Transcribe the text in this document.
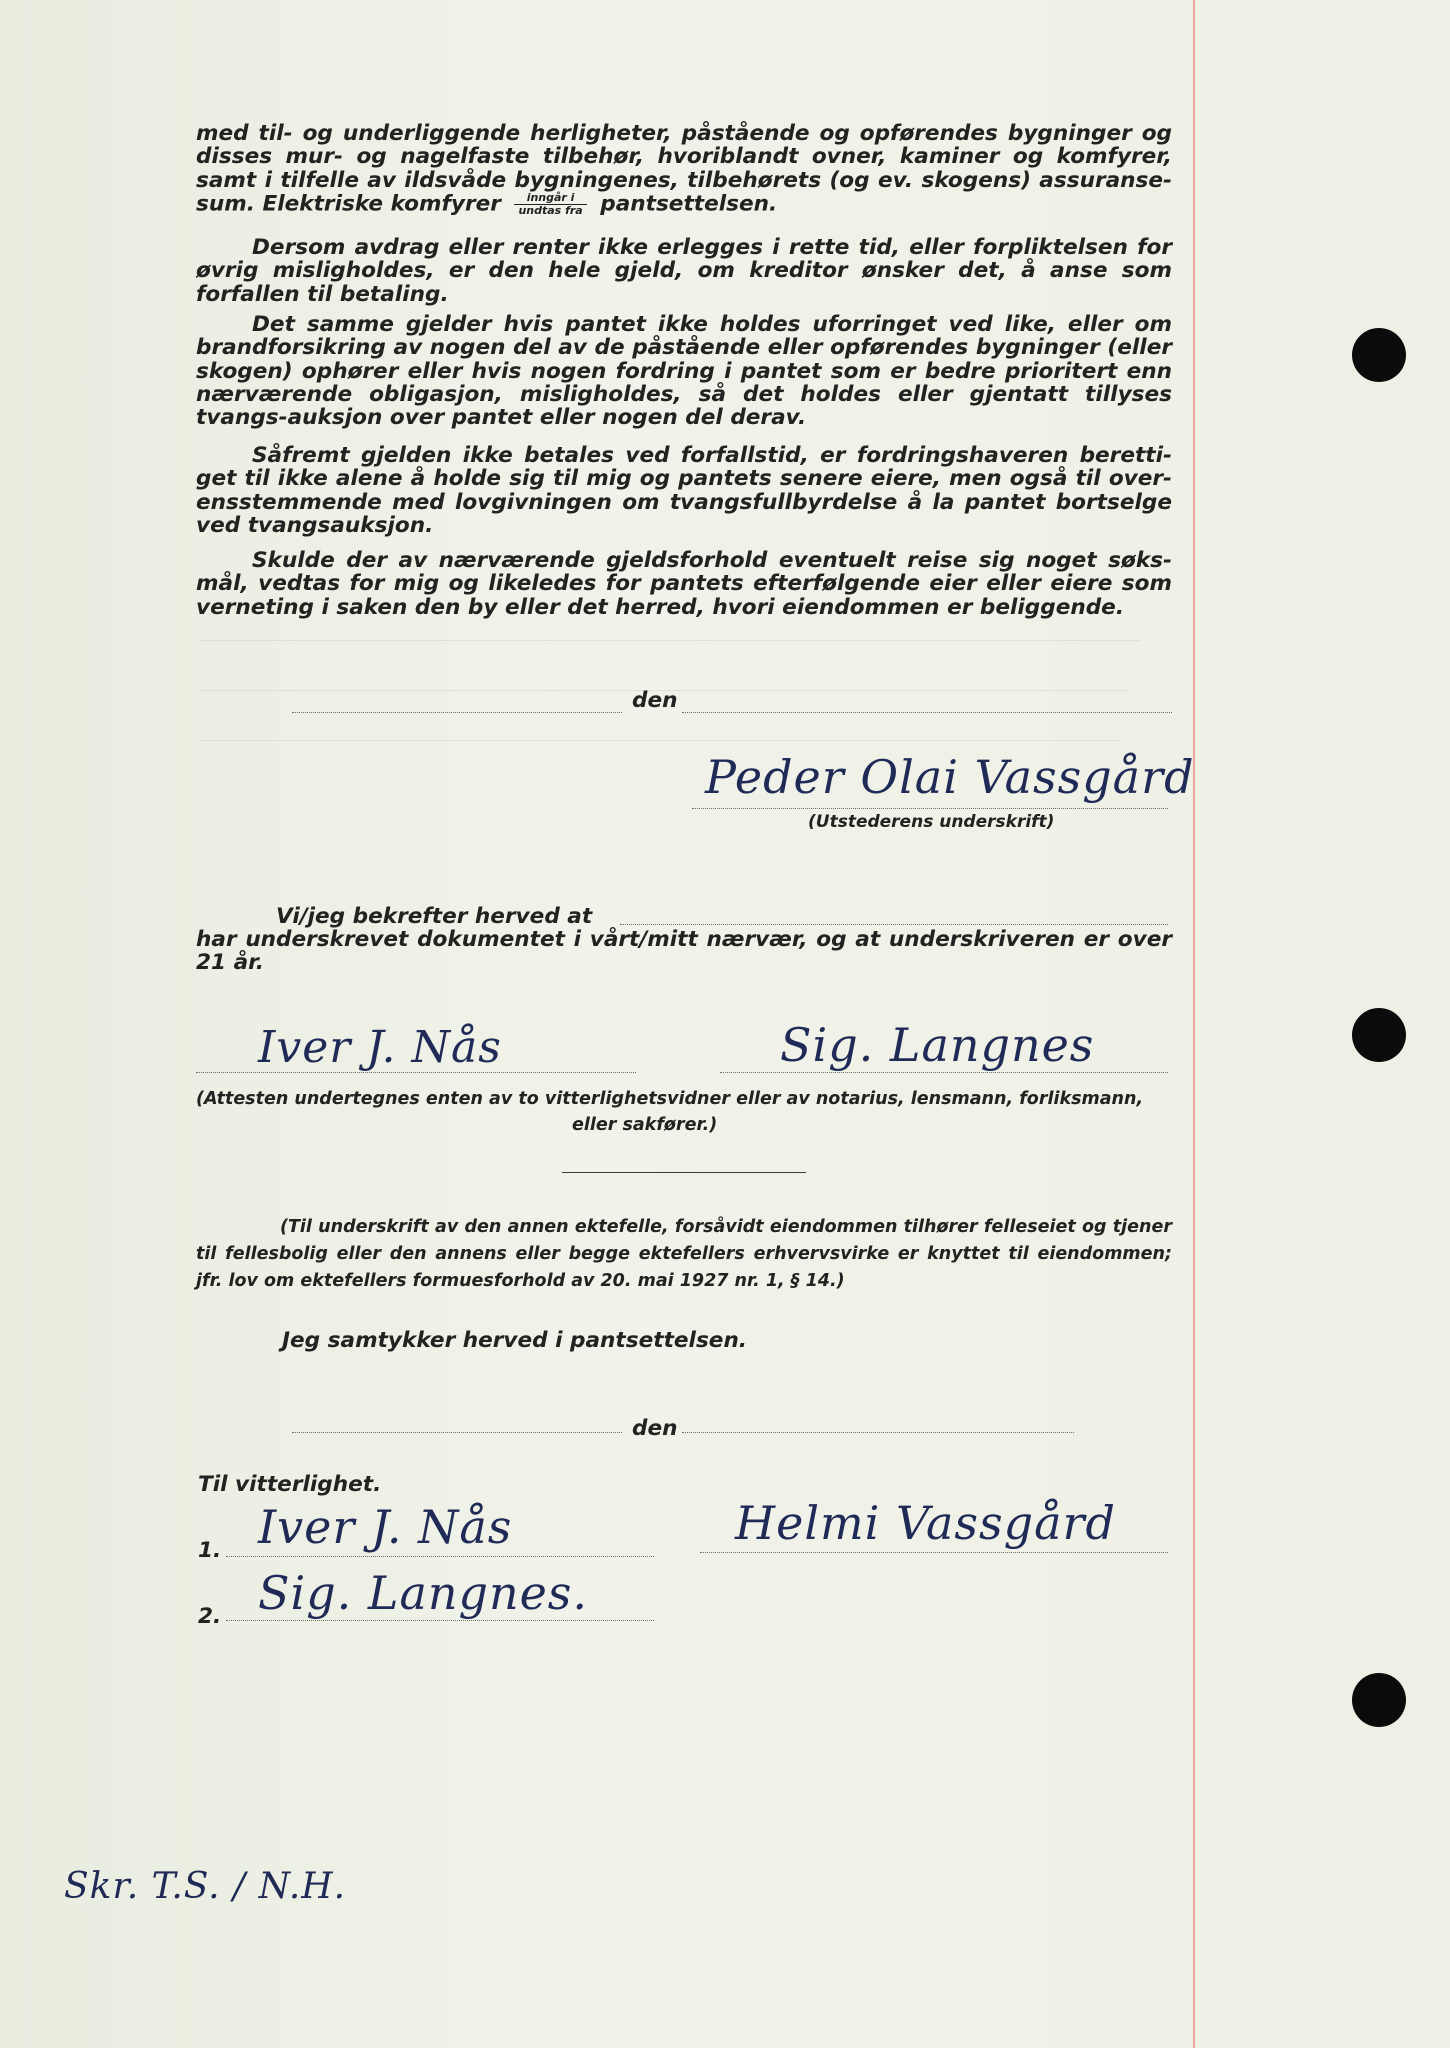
med til- og underliggende herligheter, påstående og opførendes bygninger og disses mur- og nagelfaste tilbehør, hvoriblandt ovner, kaminer og komfyrer, samt i tilfelle av ildsvåde bygningenes, tilbehørets (og ev. skogens) assuranse-sum. Elektriske komfyrer $\frac{\text{inngår i}}{\text{undtas fra}}$ pantsettelsen.
Dersom avdrag eller renter ikke erlegges i rette tid, eller forpliktelsen for øvrig misligholdes, er den hele gjeld, om kreditor ønsker det, å anse som forfallen til betaling.
Det samme gjelder hvis pantet ikke holdes uforringet ved like, eller om brandforsikring av nogen del av de påstående eller opførendes bygninger (eller skogen) ophører eller hvis nogen fordring i pantet som er bedre prioritert enn nærværende obligasjon, misligholdes, så det holdes eller gjentatt tillyses tvangs-auksjon over pantet eller nogen del derav.
Såfremt gjelden ikke betales ved forfallstid, er fordringshaveren beretti-get til ikke alene å holde sig til mig og pantets senere eiere, men også til over-ensstemmende med lovgivningen om tvangsfullbyrdelse å la pantet bortselge ved tvangsauksjon.
Skulde der av nærværende gjeldsforhold eventuelt reise sig noget søks-mål, vedtas for mig og likeledes for pantets efterfølgende eier eller eiere som verneting i saken den by eller det herred, hvori eiendommen er beliggende.
den
Peder Olai Vassgård
(Utstederens underskrift)
Vi/jeg bekrefter herved at
har underskrevet dokumentet i vårt/mitt nærvær, og at underskriveren er over 21 år.
Iver J. Nås	Sig. Langnes
(Attesten undertegnes enten av to vitterlighetsvidner eller av notarius, lensmann, forliksmann,
eller sakfører.)
(Til underskrift av den annen ektefelle, forsåvidt eiendommen tilhører felleseiet og tjener til fellesbolig eller den annens eller begge ektefellers erhvervsvirke er knyttet til eiendommen; jfr. lov om ektefellers formuesforhold av 20. mai 1927 nr. 1, § 14.)
Jeg samtykker herved i pantsettelsen.
den
Til vitterlighet.
1. Iver J. Nås	Helmi Vassgård
2. Sig. Langnes.
Skr. T.S. / N.H.
